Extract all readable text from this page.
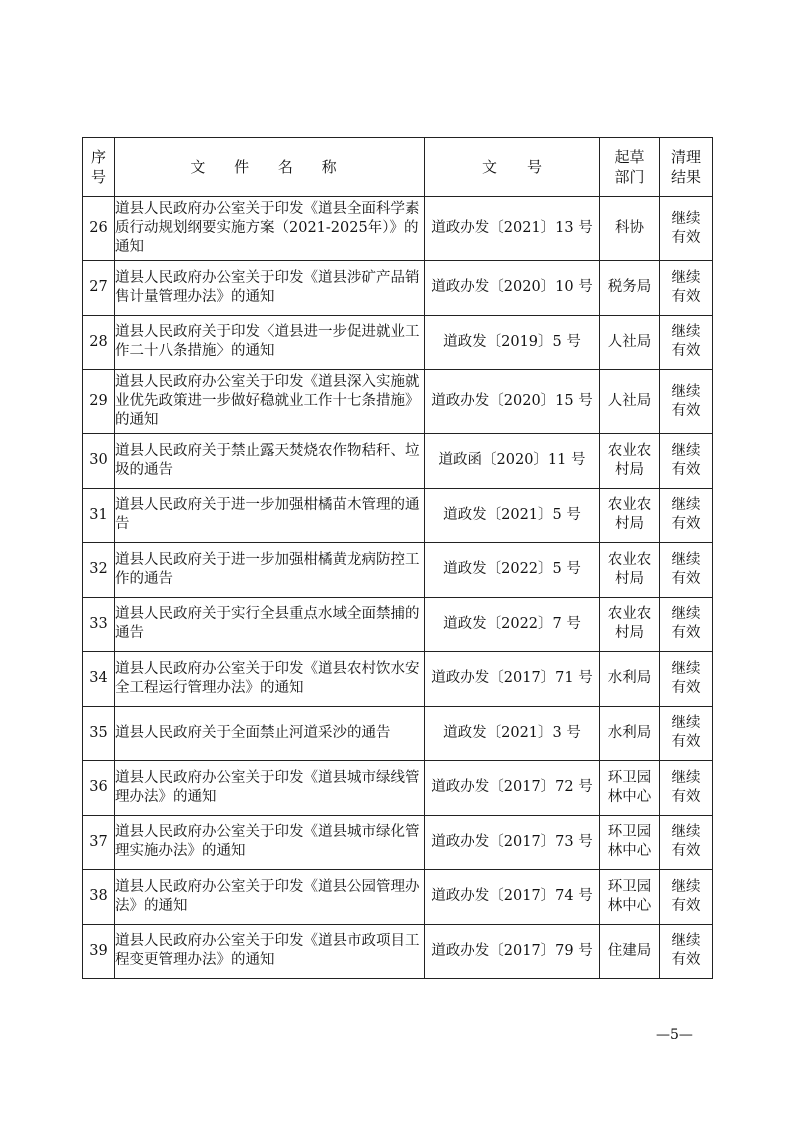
序号	文 件 名 称	文　　号	起草部门	清理结果

26	道县人民政府办公室关于印发《道县全面科学素质行动规划纲要实施方案（2021-2025年）》的通知	道政办发〔2021〕13 号	科协	继续有效

27	道县人民政府办公室关于印发《道县涉矿产品销售计量管理办法》的通知	道政办发〔2020〕10 号	税务局	继续有效

28	道县人民政府关于印发〈道县进一步促进就业工作二十八条措施〉的通知	道政发〔2019〕5 号	人社局	继续有效

29	道县人民政府办公室关于印发《道县深入实施就业优先政策进一步做好稳就业工作十七条措施》的通知	道政办发〔2020〕15 号	人社局	继续有效

30	道县人民政府关于禁止露天焚烧农作物秸秆、垃圾的通告	道政函〔2020〕11 号	农业农村局	继续有效

31	道县人民政府关于进一步加强柑橘苗木管理的通告	道政发〔2021〕5 号	农业农村局	继续有效

32	道县人民政府关于进一步加强柑橘黄龙病防控工作的通告	道政发〔2022〕5 号	农业农村局	继续有效

33	道县人民政府关于实行全县重点水域全面禁捕的通告	道政发〔2022〕7 号	农业农村局	继续有效

34	道县人民政府办公室关于印发《道县农村饮水安全工程运行管理办法》的通知	道政办发〔2017〕71 号	水利局	继续有效

35	道县人民政府关于全面禁止河道采沙的通告	道政发〔2021〕3 号	水利局	继续有效

36	道县人民政府办公室关于印发《道县城市绿线管理办法》的通知	道政办发〔2017〕72 号	环卫园林中心	继续有效

37	道县人民政府办公室关于印发《道县城市绿化管理实施办法》的通知	道政办发〔2017〕73 号	环卫园林中心	继续有效

38	道县人民政府办公室关于印发《道县公园管理办法》的通知	道政办发〔2017〕74 号	环卫园林中心	继续有效

39	道县人民政府办公室关于印发《道县市政项目工程变更管理办法》的通知	道政办发〔2017〕79 号	住建局	继续有效
—5—
